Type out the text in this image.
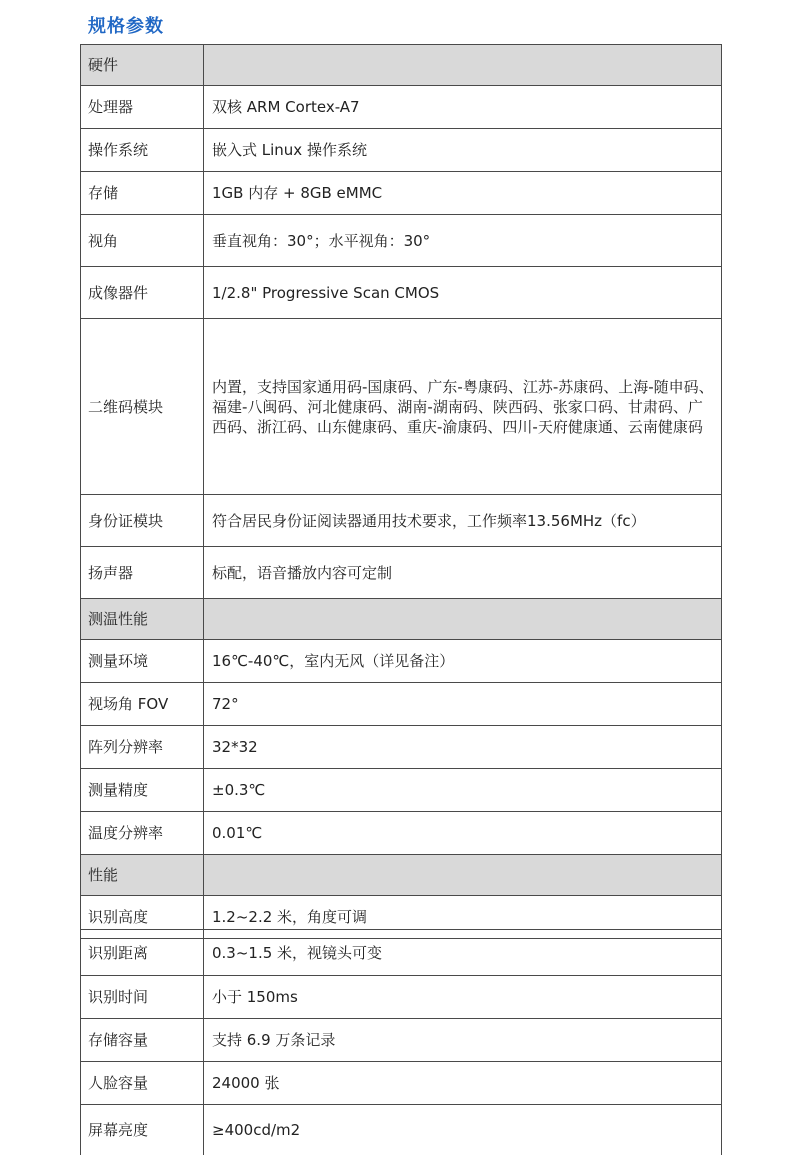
规格参数
硬件	
处理器	双核 ARM Cortex-A7
操作系统	嵌入式 Linux 操作系统
存储	1GB 内存 + 8GB eMMC
视角	垂直视角：30°；水平视角：30°
成像器件	1/2.8" Progressive Scan CMOS
二维码模块	内置，支持国家通用码-国康码、广东-粤康码、江苏-苏康码、上海-随申码、福建-八闽码、河北健康码、湖南-湖南码、陕西码、张家口码、甘肃码、广西码、浙江码、山东健康码、重庆-渝康码、四川-天府健康通、云南健康码
身份证模块	符合居民身份证阅读器通用技术要求，工作频率13.56MHz（fc）
扬声器	标配，语音播放内容可定制
测温性能	
测量环境	16℃-40℃，室内无风（详见备注）
视场角 FOV	72°
阵列分辨率	32*32
测量精度	±0.3℃
温度分辨率	0.01℃
性能	
识别高度	1.2~2.2 米，角度可调
识别距离	0.3~1.5 米，视镜头可变
识别时间	小于 150ms
存储容量	支持 6.9 万条记录
人脸容量	24000 张
屏幕亮度	≥400cd/m2
